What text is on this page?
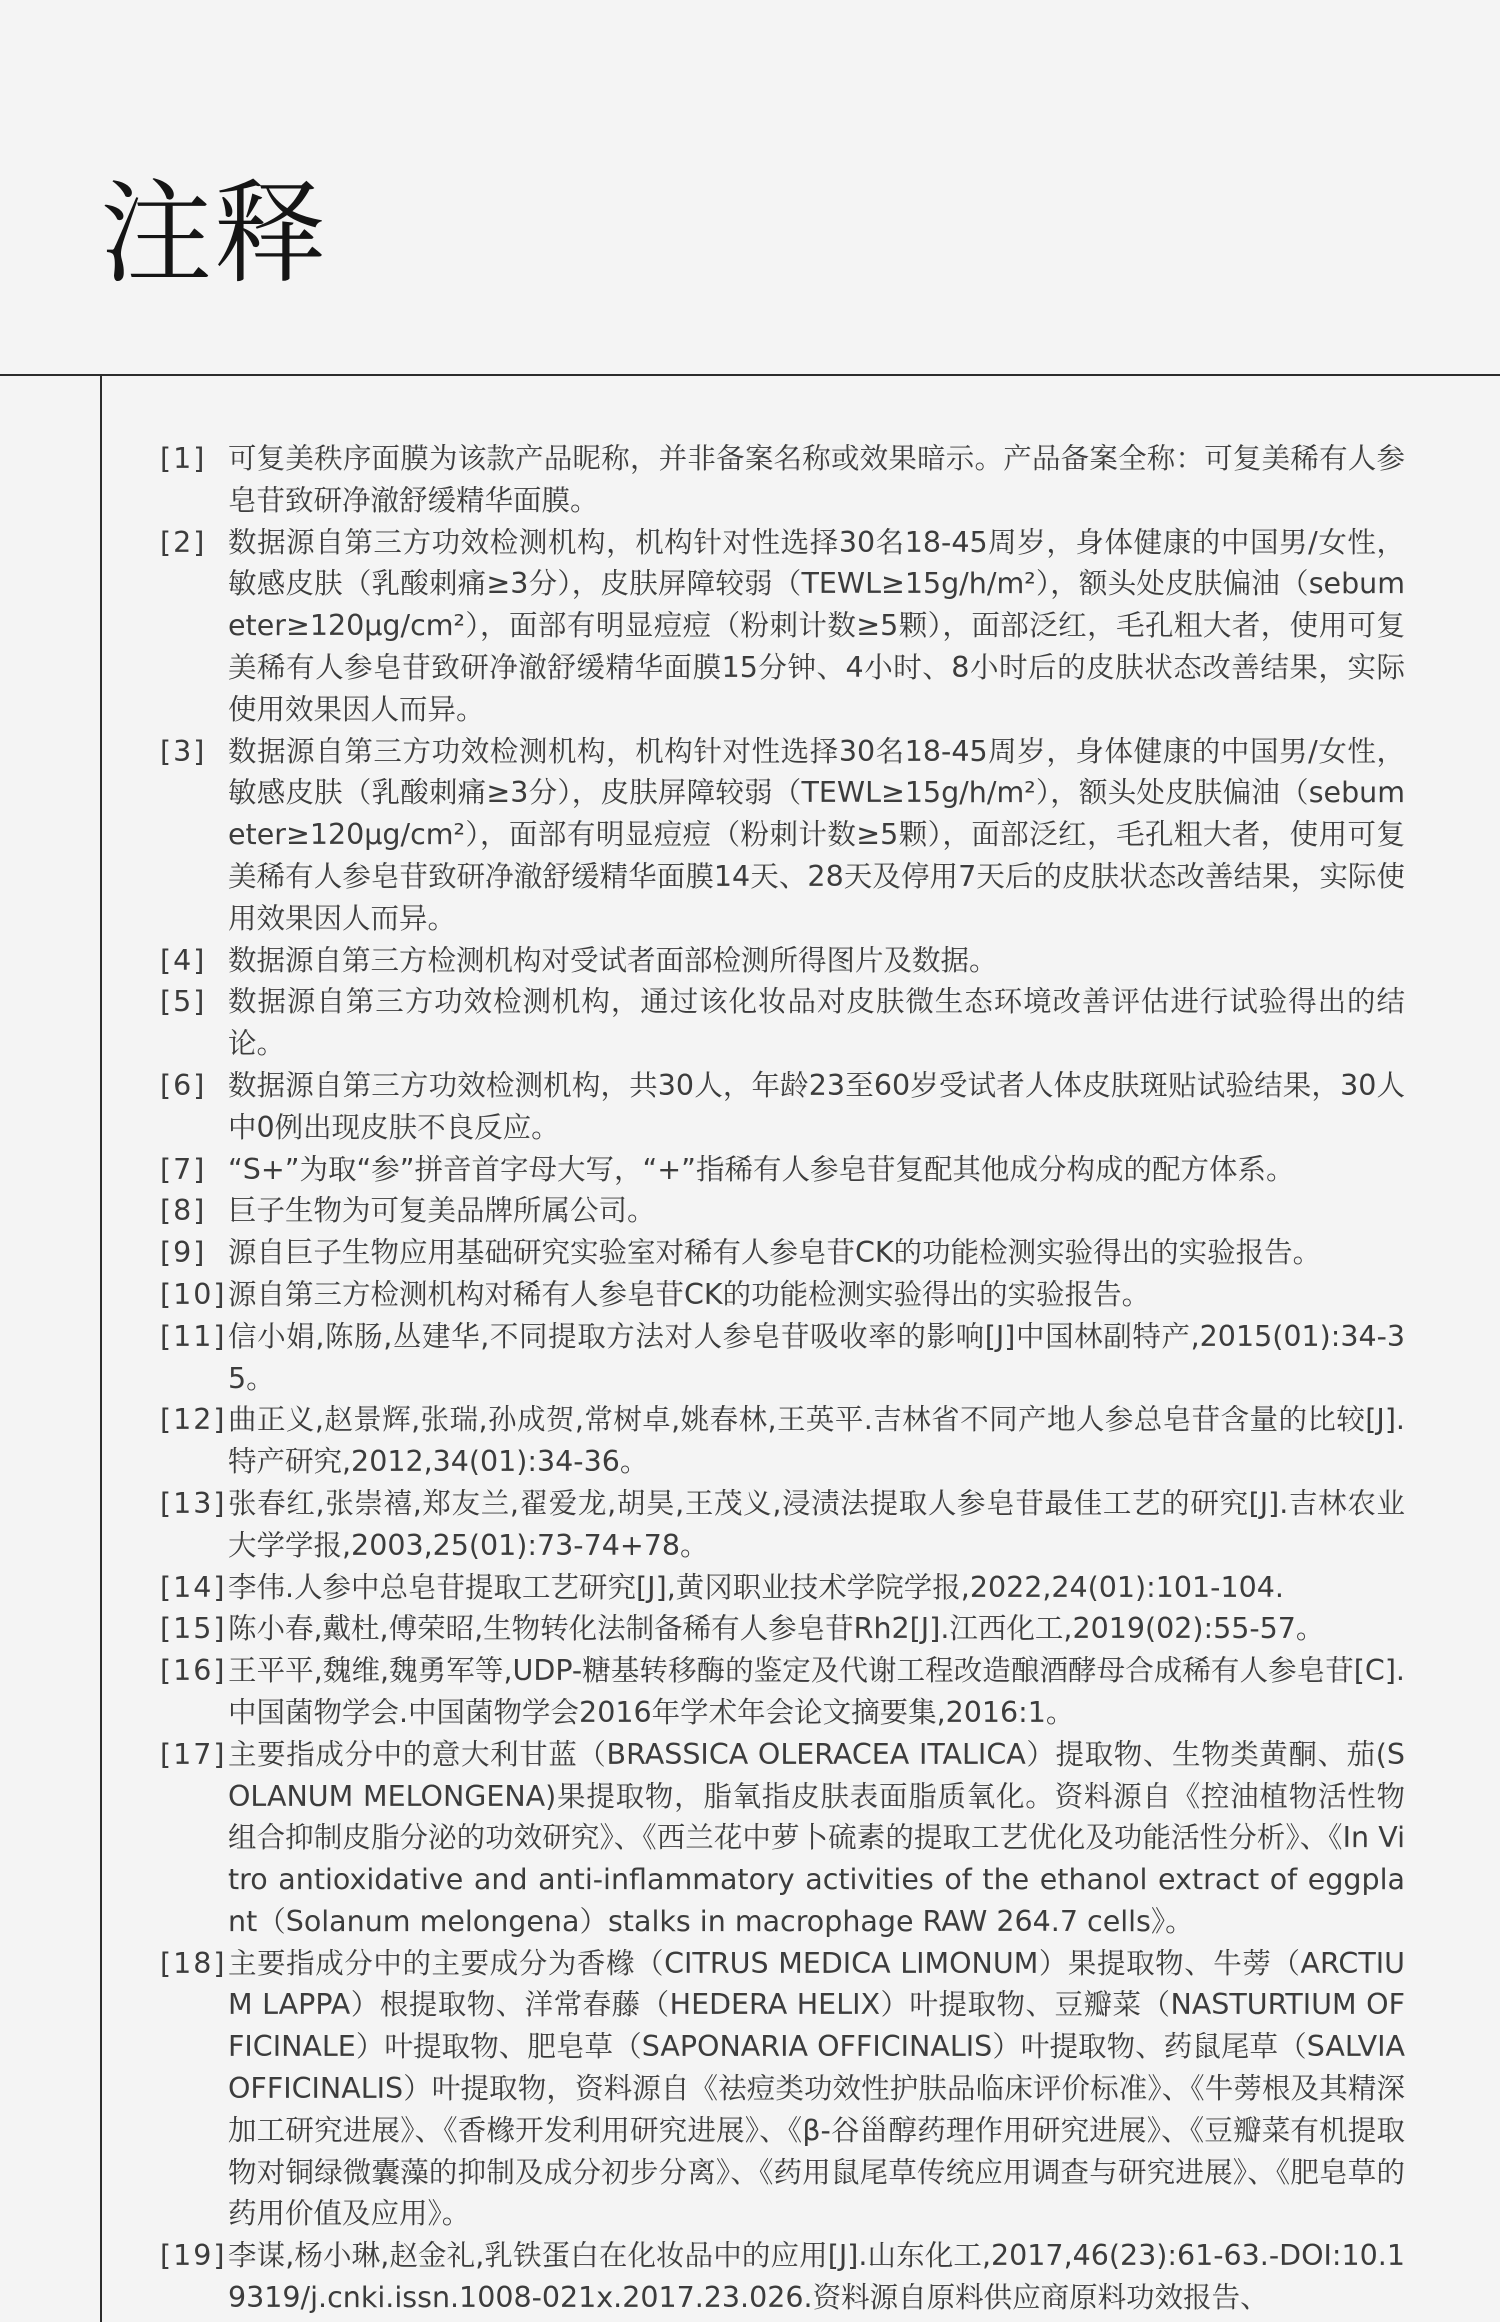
注释
[1] 可复美秩序面膜为该款产品昵称，并非备案名称或效果暗示。产品备案全称：可复美稀有人参皂苷致研净澈舒缓精华面膜。
[2] 数据源自第三方功效检测机构，机构针对性选择30名18-45周岁，身体健康的中国男/女性，敏感皮肤（乳酸刺痛≥3分），皮肤屏障较弱（TEWL≥15g/h/m²），额头处皮肤偏油（sebumeter≥120μg/cm²），面部有明显痘痘（粉刺计数≥5颗），面部泛红，毛孔粗大者，使用可复美稀有人参皂苷致研净澈舒缓精华面膜15分钟、4小时、8小时后的皮肤状态改善结果，实际使用效果因人而异。
[3] 数据源自第三方功效检测机构，机构针对性选择30名18-45周岁，身体健康的中国男/女性，敏感皮肤（乳酸刺痛≥3分），皮肤屏障较弱（TEWL≥15g/h/m²），额头处皮肤偏油（sebumeter≥120μg/cm²），面部有明显痘痘（粉刺计数≥5颗），面部泛红，毛孔粗大者，使用可复美稀有人参皂苷致研净澈舒缓精华面膜14天、28天及停用7天后的皮肤状态改善结果，实际使用效果因人而异。
[4] 数据源自第三方检测机构对受试者面部检测所得图片及数据。
[5] 数据源自第三方功效检测机构，通过该化妆品对皮肤微生态环境改善评估进行试验得出的结论。
[6] 数据源自第三方功效检测机构，共30人，年龄23至60岁受试者人体皮肤斑贴试验结果，30人中0例出现皮肤不良反应。
[7] “S+”为取“参”拼音首字母大写，“+”指稀有人参皂苷复配其他成分构成的配方体系。
[8] 巨子生物为可复美品牌所属公司。
[9] 源自巨子生物应用基础研究实验室对稀有人参皂苷CK的功能检测实验得出的实验报告。
[10] 源自第三方检测机构对稀有人参皂苷CK的功能检测实验得出的实验报告。
[11] 信小娟,陈肠,丛建华,不同提取方法对人参皂苷吸收率的影响[J]中国林副特产,2015(01):34-35。
[12] 曲正义,赵景辉,张瑞,孙成贺,常树卓,姚春林,王英平.吉林省不同产地人参总皂苷含量的比较[J].特产研究,2012,34(01):34-36。
[13] 张春红,张崇禧,郑友兰,翟爱龙,胡昊,王茂义,浸渍法提取人参皂苷最佳工艺的研究[J].吉林农业大学学报,2003,25(01):73-74+78。
[14] 李伟.人参中总皂苷提取工艺研究[J],黄冈职业技术学院学报,2022,24(01):101-104.
[15] 陈小春,戴杜,傅荣昭,生物转化法制备稀有人参皂苷Rh2[J].江西化工,2019(02):55-57。
[16] 王平平,魏维,魏勇军等,UDP-糖基转移酶的鉴定及代谢工程改造酿酒酵母合成稀有人参皂苷[C].中国菌物学会.中国菌物学会2016年学术年会论文摘要集,2016:1。
[17] 主要指成分中的意大利甘蓝（BRASSICA OLERACEA ITALICA）提取物、生物类黄酮、茄(SOLANUM MELONGENA)果提取物，脂氧指皮肤表面脂质氧化。资料源自《控油植物活性物组合抑制皮脂分泌的功效研究》、《西兰花中萝卜硫素的提取工艺优化及功能活性分析》、《In Vitro antioxidative and anti-inflammatory activities of the ethanol extract of eggplant（Solanum melongena）stalks in macrophage RAW 264.7 cells》。
[18] 主要指成分中的主要成分为香橼（CITRUS MEDICA LIMONUM）果提取物、牛蒡（ARCTIUM LAPPA）根提取物、洋常春藤（HEDERA HELIX）叶提取物、豆瓣菜（NASTURTIUM OFFICINALE）叶提取物、肥皂草（SAPONARIA OFFICINALIS）叶提取物、药鼠尾草（SALVIA OFFICINALIS）叶提取物，资料源自《祛痘类功效性护肤品临床评价标准》、《牛蒡根及其精深加工研究进展》、《香橼开发利用研究进展》、《β-谷甾醇药理作用研究进展》、《豆瓣菜有机提取物对铜绿微囊藻的抑制及成分初步分离》、《药用鼠尾草传统应用调查与研究进展》、《肥皂草的药用价值及应用》。
[19] 李谋,杨小琳,赵金礼,乳铁蛋白在化妆品中的应用[J].山东化工,2017,46(23):61-63.-DOI:10.19319/j.cnki.issn.1008-021x.2017.23.026.资料源自原料供应商原料功效报告、
